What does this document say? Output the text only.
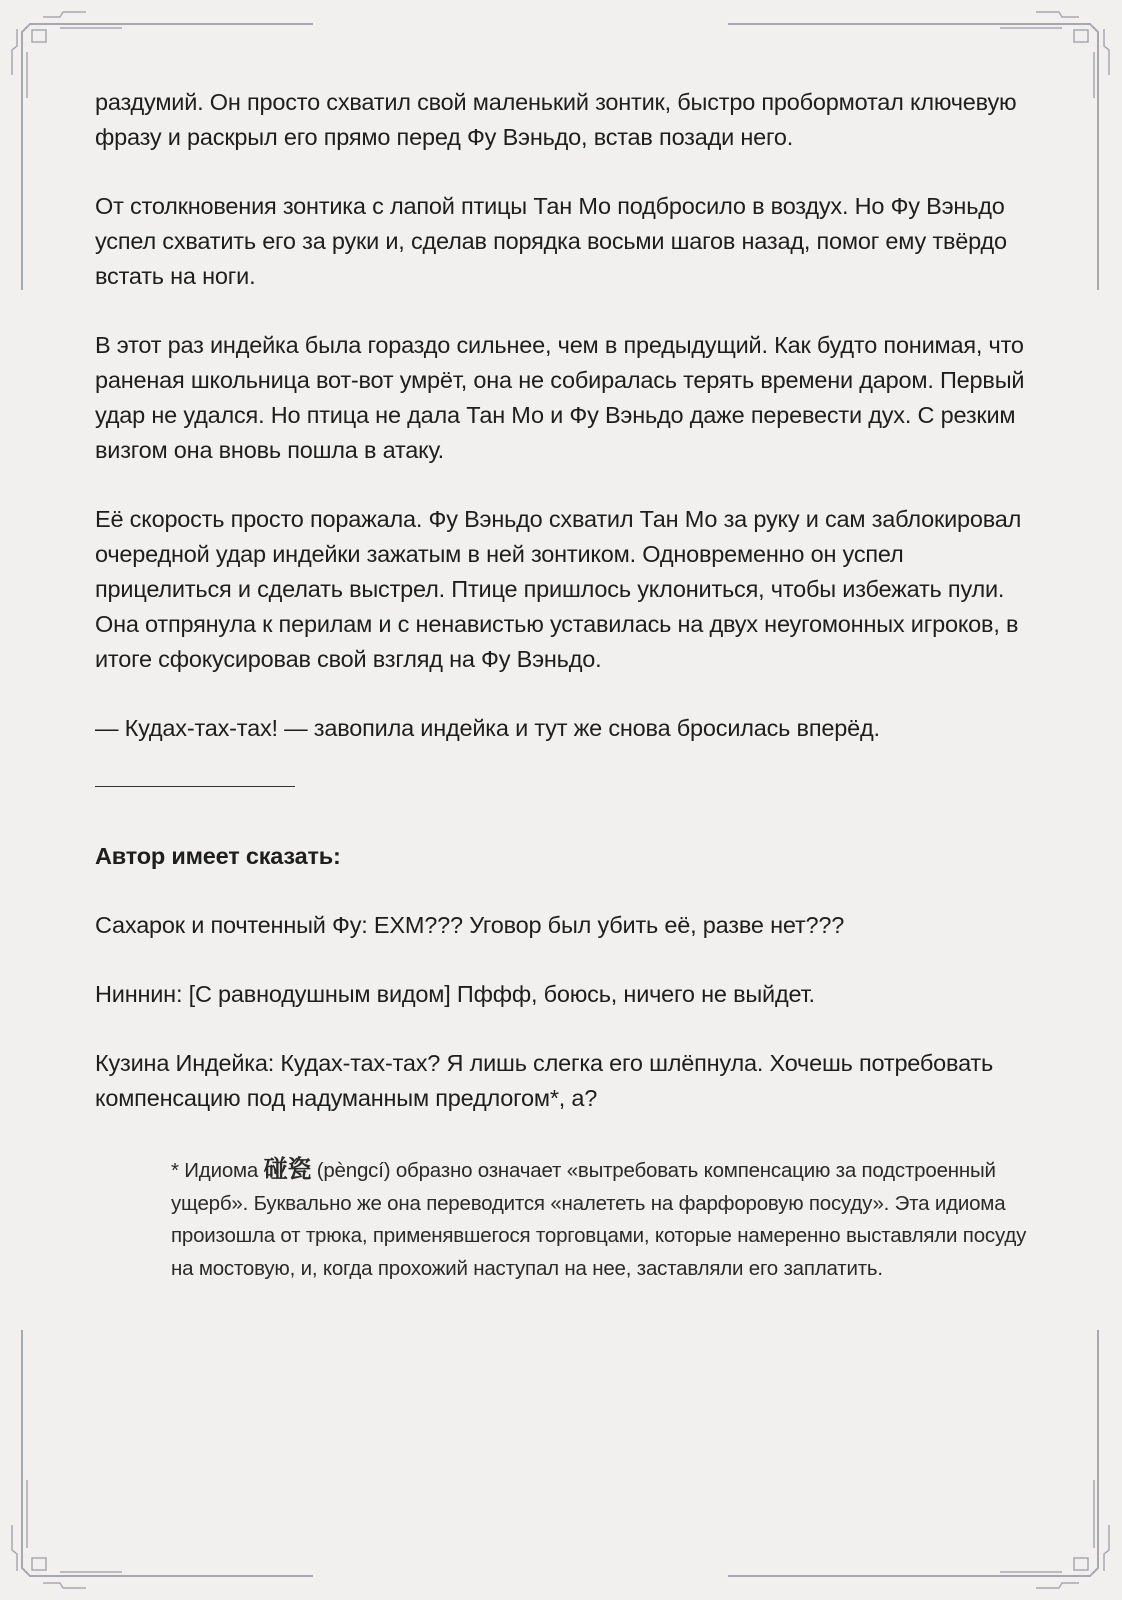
раздумий. Он просто схватил свой маленький зонтик, быстро пробормотал ключевую фразу и раскрыл его прямо перед Фу Вэньдо, встав позади него.

От столкновения зонтика с лапой птицы Тан Мо подбросило в воздух. Но Фу Вэньдо успел схватить его за руки и, сделав порядка восьми шагов назад, помог ему твёрдо встать на ноги.

В этот раз индейка была гораздо сильнее, чем в предыдущий. Как будто понимая, что раненая школьница вот-вот умрёт, она не собиралась терять времени даром. Первый удар не удался. Но птица не дала Тан Мо и Фу Вэньдо даже перевести дух. С резким визгом она вновь пошла в атаку.

Её скорость просто поражала. Фу Вэньдо схватил Тан Мо за руку и сам заблокировал очередной удар индейки зажатым в ней зонтиком. Одновременно он успел прицелиться и сделать выстрел. Птице пришлось уклониться, чтобы избежать пули. Она отпрянула к перилам и с ненавистью уставилась на двух неугомонных игроков, в итоге сфокусировав свой взгляд на Фу Вэньдо.

— Кудах-тах-тах! — завопила индейка и тут же снова бросилась вперёд.

Автор имеет сказать:

Сахарок и почтенный Фу: ЕХМ??? Уговор был убить её, разве нет???

Ниннин: [С равнодушным видом] Пффф, боюсь, ничего не выйдет.

Кузина Индейка: Кудах-тах-тах? Я лишь слегка его шлёпнула. Хочешь потребовать компенсацию под надуманным предлогом*, а?

* Идиома 碰瓷 (pèngcí) образно означает «вытребовать компенсацию за подстроенный ущерб». Буквально же она переводится «налететь на фарфоровую посуду». Эта идиома произошла от трюка, применявшегося торговцами, которые намеренно выставляли посуду на мостовую, и, когда прохожий наступал на нее, заставляли его заплатить.
